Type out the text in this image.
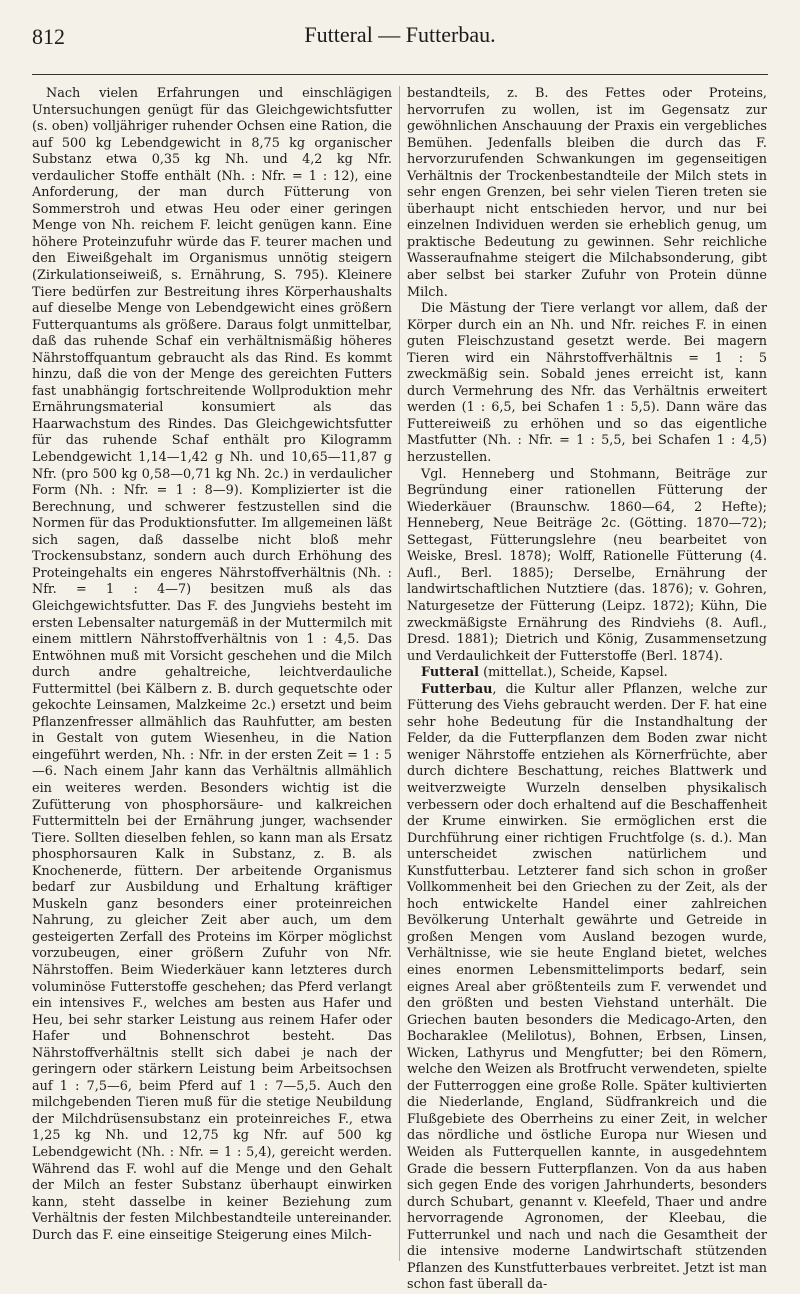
812	Futteral — Futterbau.

Nach vielen Erfahrungen und einschlägigen Untersuchungen genügt für das Gleichgewichtsfutter (s. oben) volljähriger ruhender Ochsen eine Ration, die auf 500 kg Lebendgewicht in 8,75 kg organischer Substanz etwa 0,35 kg Nh. und 4,2 kg Nfr. verdaulicher Stoffe enthält (Nh. : Nfr. = 1 : 12), eine Anforderung, der man durch Fütterung von Sommerstroh und etwas Heu oder einer geringen Menge von Nh. reichem F. leicht genügen kann. Eine höhere Proteinzufuhr würde das F. teurer machen und den Eiweißgehalt im Organismus unnötig steigern (Zirkulationseiweiß, s. Ernährung, S. 795). Kleinere Tiere bedürfen zur Bestreitung ihres Körperhaushalts auf dieselbe Menge von Lebendgewicht eines größern Futterquantums als größere. Daraus folgt unmittelbar, daß das ruhende Schaf ein verhältnismäßig höheres Nährstoffquantum gebraucht als das Rind. Es kommt hinzu, daß die von der Menge des gereichten Futters fast unabhängig fortschreitende Wollproduktion mehr Ernährungsmaterial konsumiert als das Haarwachstum des Rindes. Das Gleichgewichtsfutter für das ruhende Schaf enthält pro Kilogramm Lebendgewicht 1,14—1,42 g Nh. und 10,65—11,87 g Nfr. (pro 500 kg 0,58—0,71 kg Nh. 2c.) in verdaulicher Form (Nh. : Nfr. = 1 : 8—9). Komplizierter ist die Berechnung, und schwerer festzustellen sind die Normen für das Produktionsfutter. Im allgemeinen läßt sich sagen, daß dasselbe nicht bloß mehr Trockensubstanz, sondern auch durch Erhöhung des Proteingehalts ein engeres Nährstoffverhältnis (Nh. : Nfr. = 1 : 4—7) besitzen muß als das Gleichgewichtsfutter. Das F. des Jungviehs besteht im ersten Lebensalter naturgemäß in der Muttermilch mit einem mittlern Nährstoffverhältnis von 1 : 4,5. Das Entwöhnen muß mit Vorsicht geschehen und die Milch durch andre gehaltreiche, leichtverdauliche Futtermittel (bei Kälbern z. B. durch gequetschte oder gekochte Leinsamen, Malzkeime 2c.) ersetzt und beim Pflanzenfresser allmählich das Rauhfutter, am besten in Gestalt von gutem Wiesenheu, in die Nation eingeführt werden, Nh. : Nfr. in der ersten Zeit = 1 : 5—6. Nach einem Jahr kann das Verhältnis allmählich ein weiteres werden. Besonders wichtig ist die Zufütterung von phosphorsäure- und kalkreichen Futtermitteln bei der Ernährung junger, wachsender Tiere. Sollten dieselben fehlen, so kann man als Ersatz phosphorsauren Kalk in Substanz, z. B. als Knochenerde, füttern. Der arbeitende Organismus bedarf zur Ausbildung und Erhaltung kräftiger Muskeln ganz besonders einer proteinreichen Nahrung, zu gleicher Zeit aber auch, um dem gesteigerten Zerfall des Proteins im Körper möglichst vorzubeugen, einer größern Zufuhr von Nfr. Nährstoffen. Beim Wiederkäuer kann letzteres durch voluminöse Futterstoffe geschehen; das Pferd verlangt ein intensives F., welches am besten aus Hafer und Heu, bei sehr starker Leistung aus reinem Hafer oder Hafer und Bohnenschrot besteht. Das Nährstoffverhältnis stellt sich dabei je nach der geringern oder stärkern Leistung beim Arbeitsochsen auf 1 : 7,5—6, beim Pferd auf 1 : 7—5,5. Auch den milchgebenden Tieren muß für die stetige Neubildung der Milchdrüsensubstanz ein proteinreiches F., etwa 1,25 kg Nh. und 12,75 kg Nfr. auf 500 kg Lebendgewicht (Nh. : Nfr. = 1 : 5,4), gereicht werden. Während das F. wohl auf die Menge und den Gehalt der Milch an fester Substanz überhaupt einwirken kann, steht dasselbe in keiner Beziehung zum Verhältnis der festen Milchbestandteile untereinander. Durch das F. eine einseitige Steigerung eines Milch-

bestandteils, z. B. des Fettes oder Proteins, hervorrufen zu wollen, ist im Gegensatz zur gewöhnlichen Anschauung der Praxis ein vergebliches Bemühen. Jedenfalls bleiben die durch das F. hervorzurufenden Schwankungen im gegenseitigen Verhältnis der Trockenbestandteile der Milch stets in sehr engen Grenzen, bei sehr vielen Tieren treten sie überhaupt nicht entschieden hervor, und nur bei einzelnen Individuen werden sie erheblich genug, um praktische Bedeutung zu gewinnen. Sehr reichliche Wasseraufnahme steigert die Milchabsonderung, gibt aber selbst bei starker Zufuhr von Protein dünne Milch.

Die Mästung der Tiere verlangt vor allem, daß der Körper durch ein an Nh. und Nfr. reiches F. in einen guten Fleischzustand gesetzt werde. Bei magern Tieren wird ein Nährstoffverhältnis = 1 : 5 zweckmäßig sein. Sobald jenes erreicht ist, kann durch Vermehrung des Nfr. das Verhältnis erweitert werden (1 : 6,5, bei Schafen 1 : 5,5). Dann wäre das Futtereiweiß zu erhöhen und so das eigentliche Mastfutter (Nh. : Nfr. = 1 : 5,5, bei Schafen 1 : 4,5) herzustellen.

Vgl. Henneberg und Stohmann, Beiträge zur Begründung einer rationellen Fütterung der Wiederkäuer (Braunschw. 1860—64, 2 Hefte); Henneberg, Neue Beiträge 2c. (Götting. 1870—72); Settegast, Fütterungslehre (neu bearbeitet von Weiske, Bresl. 1878); Wolff, Rationelle Fütterung (4. Aufl., Berl. 1885); Derselbe, Ernährung der landwirtschaftlichen Nutztiere (das. 1876); v. Gohren, Naturgesetze der Fütterung (Leipz. 1872); Kühn, Die zweckmäßigste Ernährung des Rindviehs (8. Aufl., Dresd. 1881); Dietrich und König, Zusammensetzung und Verdaulichkeit der Futterstoffe (Berl. 1874).

Futteral (mittellat.), Scheide, Kapsel.

Futterbau, die Kultur aller Pflanzen, welche zur Fütterung des Viehs gebraucht werden. Der F. hat eine sehr hohe Bedeutung für die Instandhaltung der Felder, da die Futterpflanzen dem Boden zwar nicht weniger Nährstoffe entziehen als Körnerfrüchte, aber durch dichtere Beschattung, reiches Blattwerk und weitverzweigte Wurzeln denselben physikalisch verbessern oder doch erhaltend auf die Beschaffenheit der Krume einwirken. Sie ermöglichen erst die Durchführung einer richtigen Fruchtfolge (s. d.). Man unterscheidet zwischen natürlichem und Kunstfutterbau. Letzterer fand sich schon in großer Vollkommenheit bei den Griechen zu der Zeit, als der hoch entwickelte Handel einer zahlreichen Bevölkerung Unterhalt gewährte und Getreide in großen Mengen vom Ausland bezogen wurde, Verhältnisse, wie sie heute England bietet, welches eines enormen Lebensmittelimports bedarf, sein eignes Areal aber größtenteils zum F. verwendet und den größten und besten Viehstand unterhält. Die Griechen bauten besonders die Medicago-Arten, den Bocharaklee (Melilotus), Bohnen, Erbsen, Linsen, Wicken, Lathyrus und Mengfutter; bei den Römern, welche den Weizen als Brotfrucht verwendeten, spielte der Futterroggen eine große Rolle. Später kultivierten die Niederlande, England, Südfrankreich und die Flußgebiete des Oberrheins zu einer Zeit, in welcher das nördliche und östliche Europa nur Wiesen und Weiden als Futterquellen kannte, in ausgedehntem Grade die bessern Futterpflanzen. Von da aus haben sich gegen Ende des vorigen Jahrhunderts, besonders durch Schubart, genannt v. Kleefeld, Thaer und andre hervorragende Agronomen, der Kleebau, die Futterrunkel und nach und nach die Gesamtheit der die intensive moderne Landwirtschaft stützenden Pflanzen des Kunstfutterbaues verbreitet. Jetzt ist man schon fast überall da-
